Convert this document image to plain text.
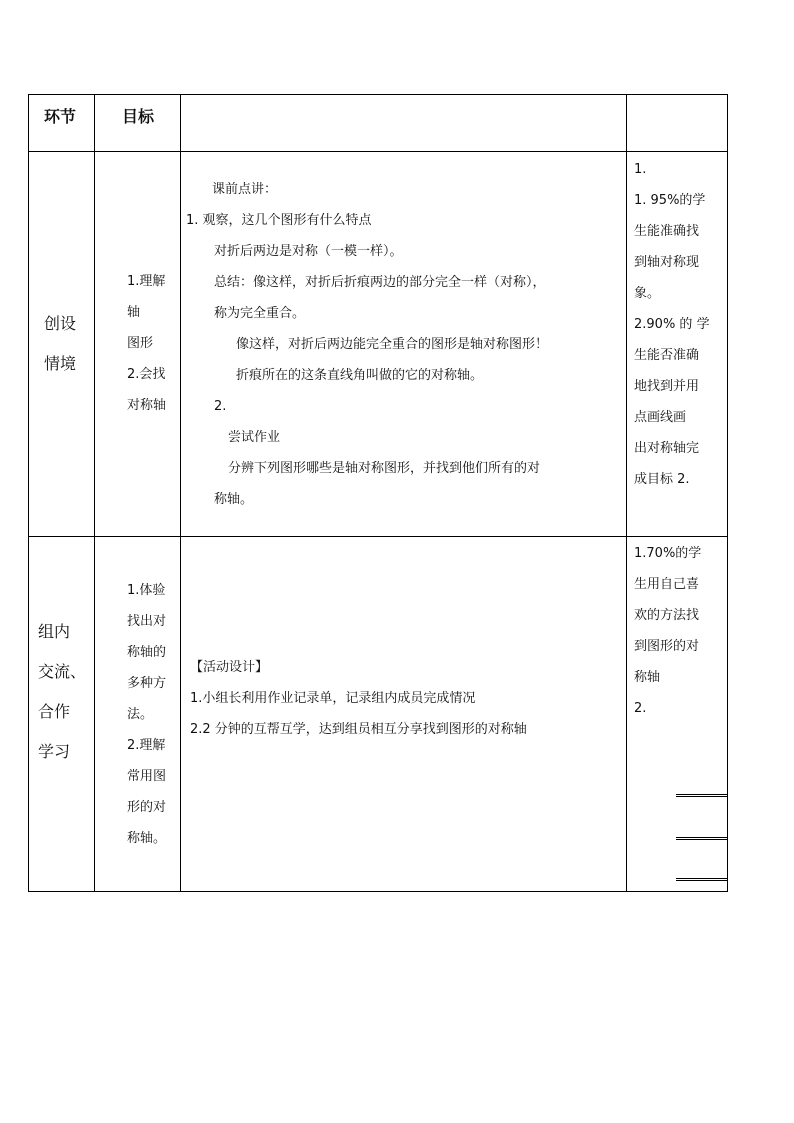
环节	目标
创设
情境
1.理解
轴
图形
2.会找
对称轴
课前点讲：
1. 观察，这几个图形有什么特点
对折后两边是对称（一模一样）。
总结：像这样，对折后折痕两边的部分完全一样（对称），
称为完全重合。
像这样，对折后两边能完全重合的图形是轴对称图形！
折痕所在的这条直线角叫做的它的对称轴。
2.
尝试作业
分辨下列图形哪些是轴对称图形，并找到他们所有的对
称轴。
1.
1. 95%的学
生能准确找
到轴对称现
象。
2.90% 的 学
生能否准确
地找到并用
点画线画
出对称轴完
成目标 2.
组内
交流、
合作
学习
1.体验
找出对
称轴的
多种方
法。
2.理解
常用图
形的对
称轴。
【活动设计】
1.小组长利用作业记录单，记录组内成员完成情况
2.2 分钟的互帮互学，达到组员相互分享找到图形的对称轴
1.70%的学
生用自己喜
欢的方法找
到图形的对
称轴
2.
